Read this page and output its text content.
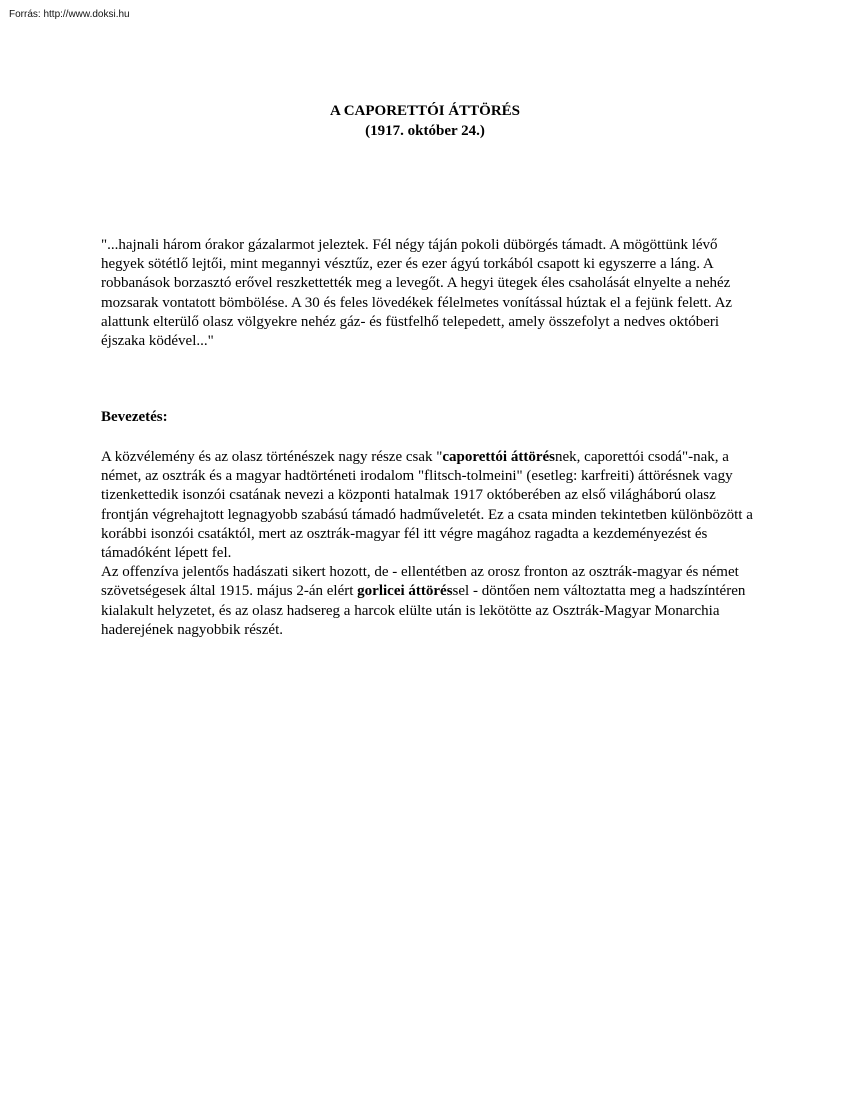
Forrás: http://www.doksi.hu
A CAPORETTÓI ÁTTÖRÉS
(1917. október 24.)

"...hajnali három órakor gázalarmot jeleztek. Fél négy táján pokoli dübörgés támadt. A mögöttünk lévő hegyek sötétlő lejtői, mint megannyi vésztűz, ezer és ezer ágyú torkából csapott ki egyszerre a láng. A robbanások borzasztó erővel reszkettették meg a levegőt. A hegyi ütegek éles csaholását elnyelte a nehéz mozsarak vontatott bömbölése. A 30 és feles lövedékek félelmetes vonítással húztak el a fejünk felett. Az alattunk elterülő olasz völgyekre nehéz gáz- és füstfelhő telepedett, amely összefolyt a nedves októberi éjszaka ködével..."

Bevezetés:

A közvélemény és az olasz történészek nagy része csak "caporettói áttörésnek, caporettói csodá"-nak, a német, az osztrák és a magyar hadtörténeti irodalom "flitsch-tolmeini" (esetleg: karfreiti) áttörésnek vagy tizenkettedik isonzói csatának nevezi a központi hatalmak 1917 októberében az első világháború olasz frontján végrehajtott legnagyobb szabású támadó hadműveletét. Ez a csata minden tekintetben különbözött a korábbi isonzói csatáktól, mert az osztrák-magyar fél itt végre magához ragadta a kezdeményezést és támadóként lépett fel.

Az offenzíva jelentős hadászati sikert hozott, de - ellentétben az orosz fronton az osztrák-magyar és német szövetségesek által 1915. május 2-án elért gorlicei áttöréssel - döntően nem változtatta meg a hadszíntéren kialakult helyzetet, és az olasz hadsereg a harcok elülte után is lekötötte az Osztrák-Magyar Monarchia haderejének nagyobbik részét.
